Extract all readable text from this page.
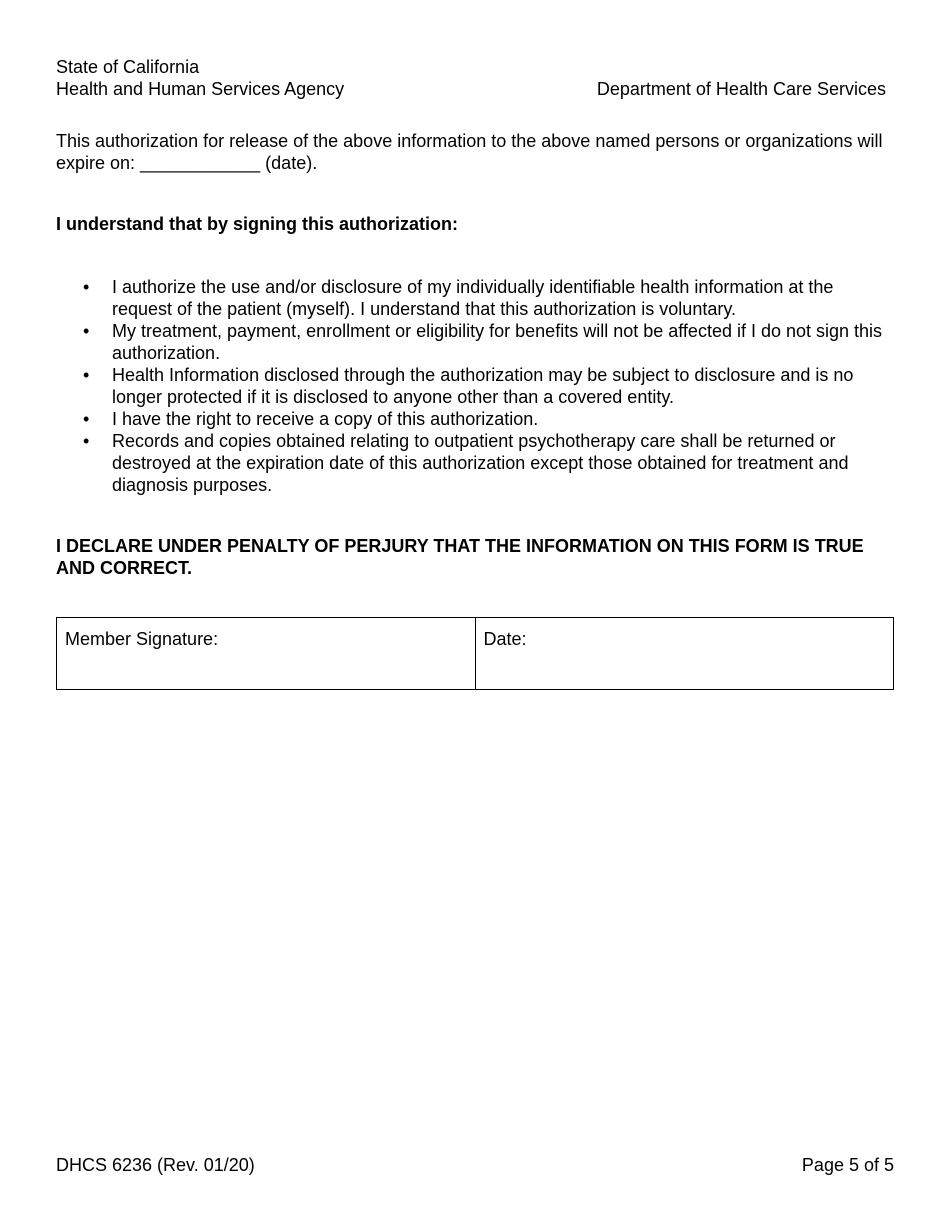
State of California
Health and Human Services Agency	Department of Health Care Services
This authorization for release of the above information to the above named persons or organizations will expire on: ____________ (date).
I understand that by signing this authorization:
• I authorize the use and/or disclosure of my individually identifiable health information at the request of the patient (myself). I understand that this authorization is voluntary.
• My treatment, payment, enrollment or eligibility for benefits will not be affected if I do not sign this authorization.
• Health Information disclosed through the authorization may be subject to disclosure and is no longer protected if it is disclosed to anyone other than a covered entity.
• I have the right to receive a copy of this authorization.
• Records and copies obtained relating to outpatient psychotherapy care shall be returned or destroyed at the expiration date of this authorization except those obtained for treatment and diagnosis purposes.
I DECLARE UNDER PENALTY OF PERJURY THAT THE INFORMATION ON THIS FORM IS TRUE AND CORRECT.
Member Signature:	Date:
DHCS 6236 (Rev. 01/20)	Page 5 of 5
